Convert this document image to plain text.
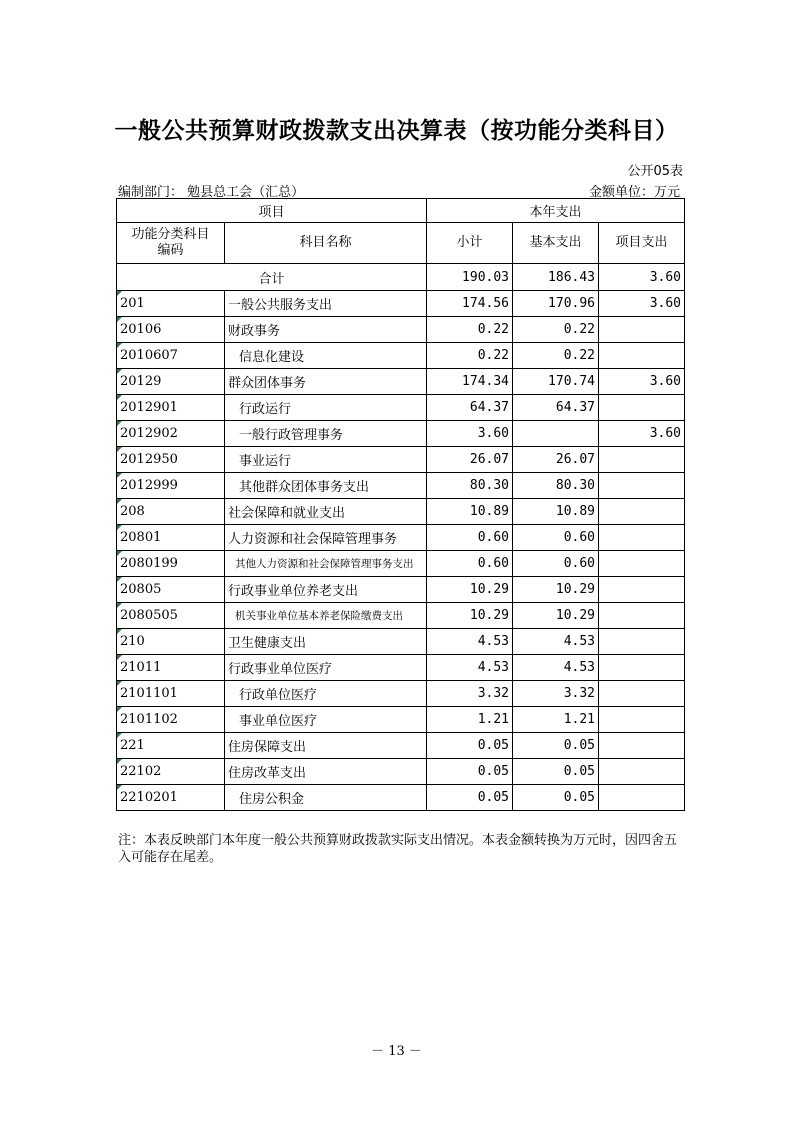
一般公共预算财政拨款支出决算表（按功能分类科目）
公开05表
编制部门： 勉县总工会（汇总）	金额单位：万元
项目		本年支出		
功能分类科目编码	科目名称	小计	基本支出	项目支出
合计		190.03	186.43	3.60
201	一般公共服务支出	174.56	170.96	3.60
20106	财政事务	0.22	0.22	
2010607	信息化建设	0.22	0.22	
20129	群众团体事务	174.34	170.74	3.60
2012901	行政运行	64.37	64.37	
2012902	一般行政管理事务	3.60		3.60
2012950	事业运行	26.07	26.07	
2012999	其他群众团体事务支出	80.30	80.30	
208	社会保障和就业支出	10.89	10.89	
20801	人力资源和社会保障管理事务	0.60	0.60	
2080199	其他人力资源和社会保障管理事务支出	0.60	0.60	
20805	行政事业单位养老支出	10.29	10.29	
2080505	机关事业单位基本养老保险缴费支出	10.29	10.29	
210	卫生健康支出	4.53	4.53	
21011	行政事业单位医疗	4.53	4.53	
2101101	行政单位医疗	3.32	3.32	
2101102	事业单位医疗	1.21	1.21	
221	住房保障支出	0.05	0.05	
22102	住房改革支出	0.05	0.05	
2210201	住房公积金	0.05	0.05	
注：本表反映部门本年度一般公共预算财政拨款实际支出情况。本表金额转换为万元时，因四舍五入可能存在尾差。
－ 13 －
